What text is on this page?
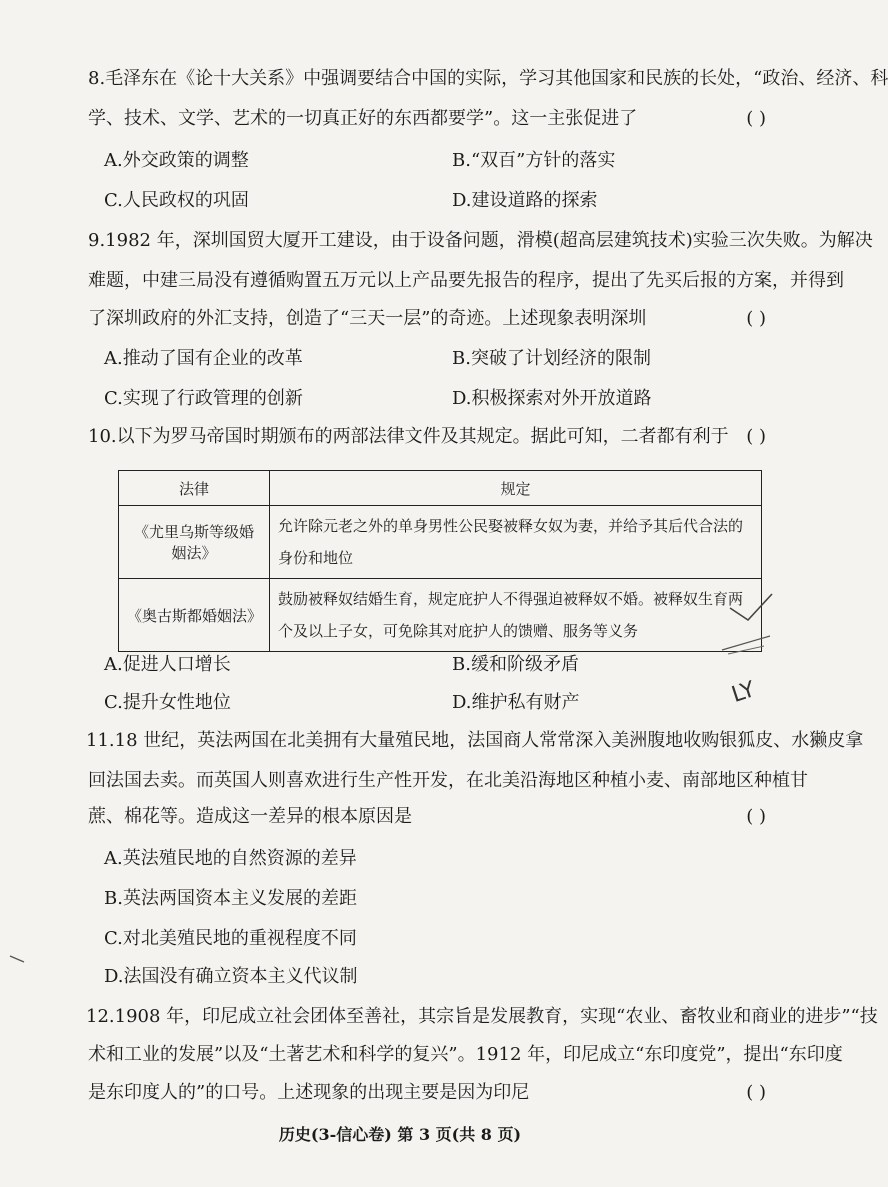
8.毛泽东在《论十大关系》中强调要结合中国的实际，学习其他国家和民族的长处，“政治、经济、科
学、技术、文学、艺术的一切真正好的东西都要学”。这一主张促进了	( )
A.外交政策的调整	B.“双百”方针的落实
C.人民政权的巩固	D.建设道路的探索
9.1982 年，深圳国贸大厦开工建设，由于设备问题，滑模(超高层建筑技术)实验三次失败。为解决
难题，中建三局没有遵循购置五万元以上产品要先报告的程序，提出了先买后报的方案，并得到
了深圳政府的外汇支持，创造了“三天一层”的奇迹。上述现象表明深圳	( )
A.推动了国有企业的改革	B.突破了计划经济的限制
C.实现了行政管理的创新	D.积极探索对外开放道路
10.以下为罗马帝国时期颁布的两部法律文件及其规定。据此可知，二者都有利于 ( )
法律	规定
《尤里乌斯等级婚姻法》	允许除元老之外的单身男性公民娶被释女奴为妻，并给予其后代合法的身份和地位
《奥古斯都婚姻法》	鼓励被释奴结婚生育，规定庇护人不得强迫被释奴不婚。被释奴生育两个及以上子女，可免除其对庇护人的馈赠、服务等义务
A.促进人口增长	B.缓和阶级矛盾
C.提升女性地位	D.维护私有财产
11.18 世纪，英法两国在北美拥有大量殖民地，法国商人常常深入美洲腹地收购银狐皮、水獭皮拿
回法国去卖。而英国人则喜欢进行生产性开发，在北美沿海地区种植小麦、南部地区种植甘
蔗、棉花等。造成这一差异的根本原因是	( )
A.英法殖民地的自然资源的差异
B.英法两国资本主义发展的差距
C.对北美殖民地的重视程度不同
D.法国没有确立资本主义代议制
12.1908 年，印尼成立社会团体至善社，其宗旨是发展教育，实现“农业、畜牧业和商业的进步”“技
术和工业的发展”以及“土著艺术和科学的复兴”。1912 年，印尼成立“东印度党”，提出“东印度
是东印度人的”的口号。上述现象的出现主要是因为印尼	( )
历史(3-信心卷) 第 3 页(共 8 页)
LY
